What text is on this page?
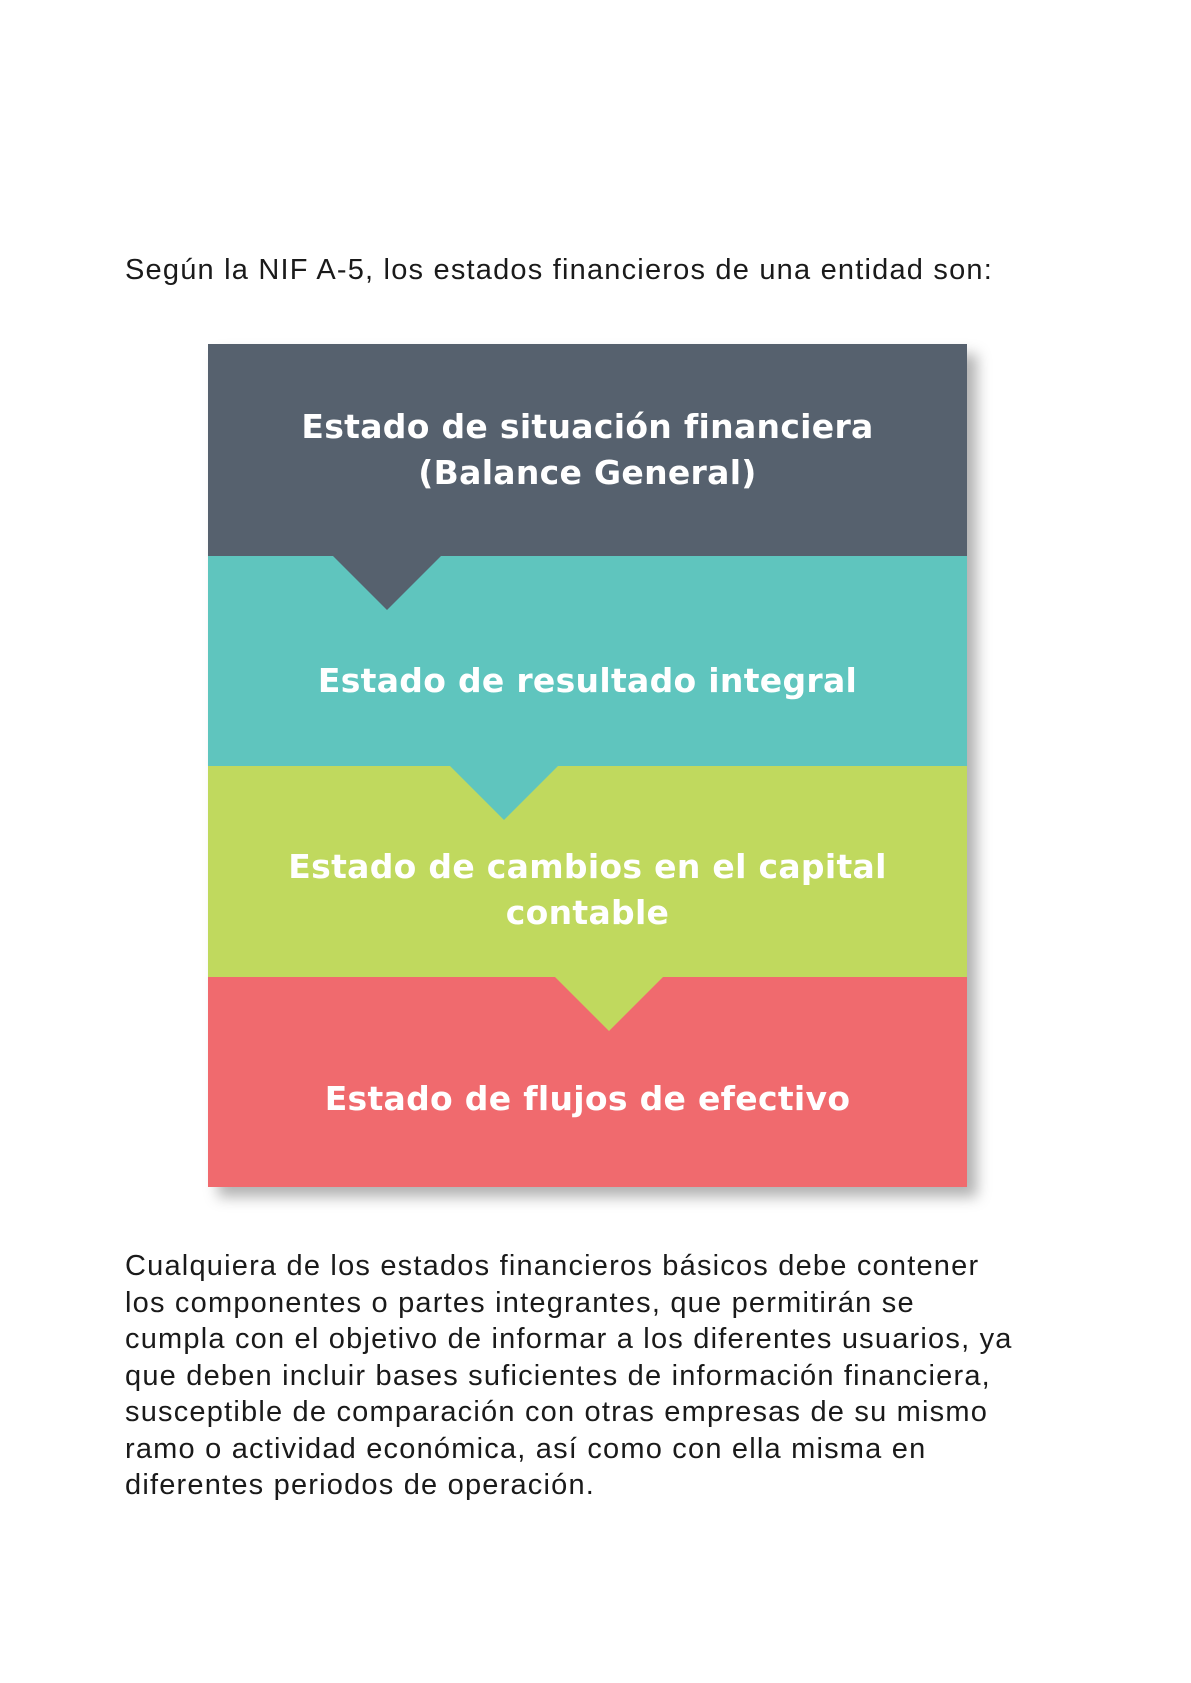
Según la NIF A-5, los estados financieros de una entidad son:

Estado de situación financiera
(Balance General)
Estado de resultado integral
Estado de cambios en el capital
contable
Estado de flujos de efectivo

Cualquiera de los estados financieros básicos debe contener
los componentes o partes integrantes, que permitirán se
cumpla con el objetivo de informar a los diferentes usuarios, ya
que deben incluir bases suficientes de información financiera,
susceptible de comparación con otras empresas de su mismo
ramo o actividad económica, así como con ella misma en
diferentes periodos de operación.
